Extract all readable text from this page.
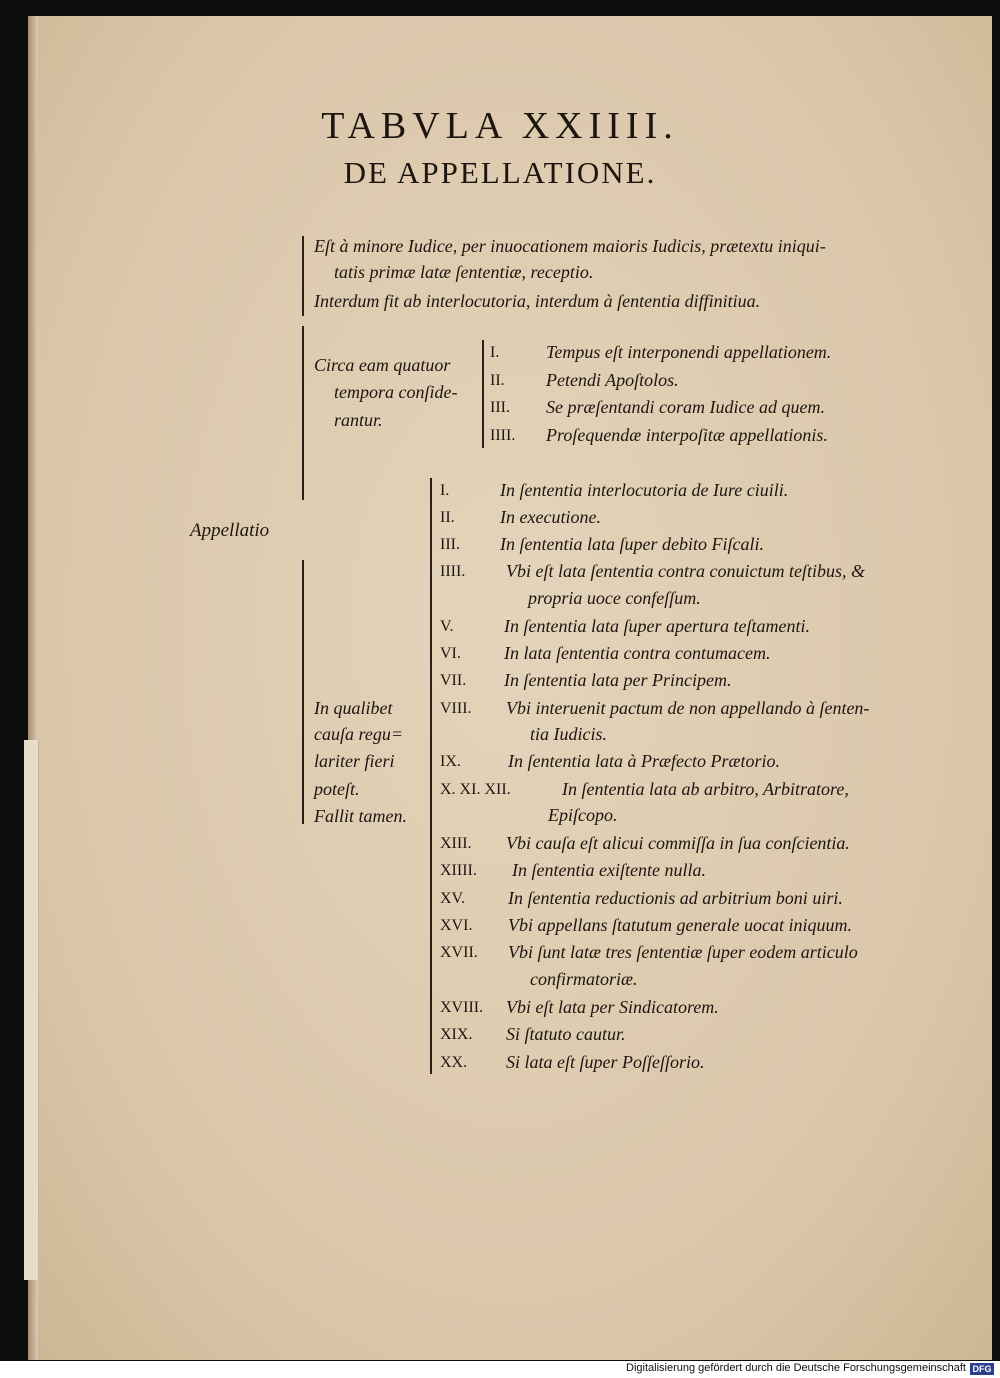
TABVLA XXIIII.
DE APPELLATIONE.
Appellatio
Eſt à minore Iudice, per inuocationem maioris Iudicis, prætextu iniqui-
tatis primæ latæ ſententiæ, receptio.
Interdum fit ab interlocutoria, interdum à ſententia diffinitiua.
Circa eam quatuor
tempora conſide-
rantur.
I.	Tempus eſt interponendi appellationem.
II. Petendi Apoſtolos.
III. Se præſentandi coram Iudice ad quem.
IIII. Proſequendæ interpoſitæ appellationis.
In qualibet
cauſa regu=
lariter fieri
poteſt.
Fallit tamen.
I.	In ſententia interlocutoria de Iure ciuili.
II.	In executione.
III. In ſententia lata ſuper debito Fiſcali.
IIII. Vbi eſt lata ſententia contra conuictum teſtibus, &
propria uoce confeſſum.
V.	In ſententia lata ſuper apertura teſtamenti.
VI. In lata ſententia contra contumacem.
VII. In ſententia lata per Principem.
VIII. Vbi interuenit pactum de non appellando à ſenten-
tia Iudicis.
IX.	In ſententia lata à Præfecto Prætorio.
X. XI. XII.	In ſententia lata ab arbitro, Arbitratore,
Epiſcopo.
XIII. Vbi cauſa eſt alicui commiſſa in ſua conſcientia.
XIIII. In ſententia exiſtente nulla.
XV. In ſententia reductionis ad arbitrium boni uiri.
XVI. Vbi appellans ſtatutum generale uocat iniquum.
XVII. Vbi ſunt latæ tres ſententiæ ſuper eodem articulo
confirmatoriæ.
XVIII. Vbi eſt lata per Sindicatorem.
XIX. Si ſtatuto cautur.
XX. Si lata eſt ſuper Poſſeſſorio.
Digitalisierung gefördert durch die Deutsche Forschungsgemeinschaft DFG
